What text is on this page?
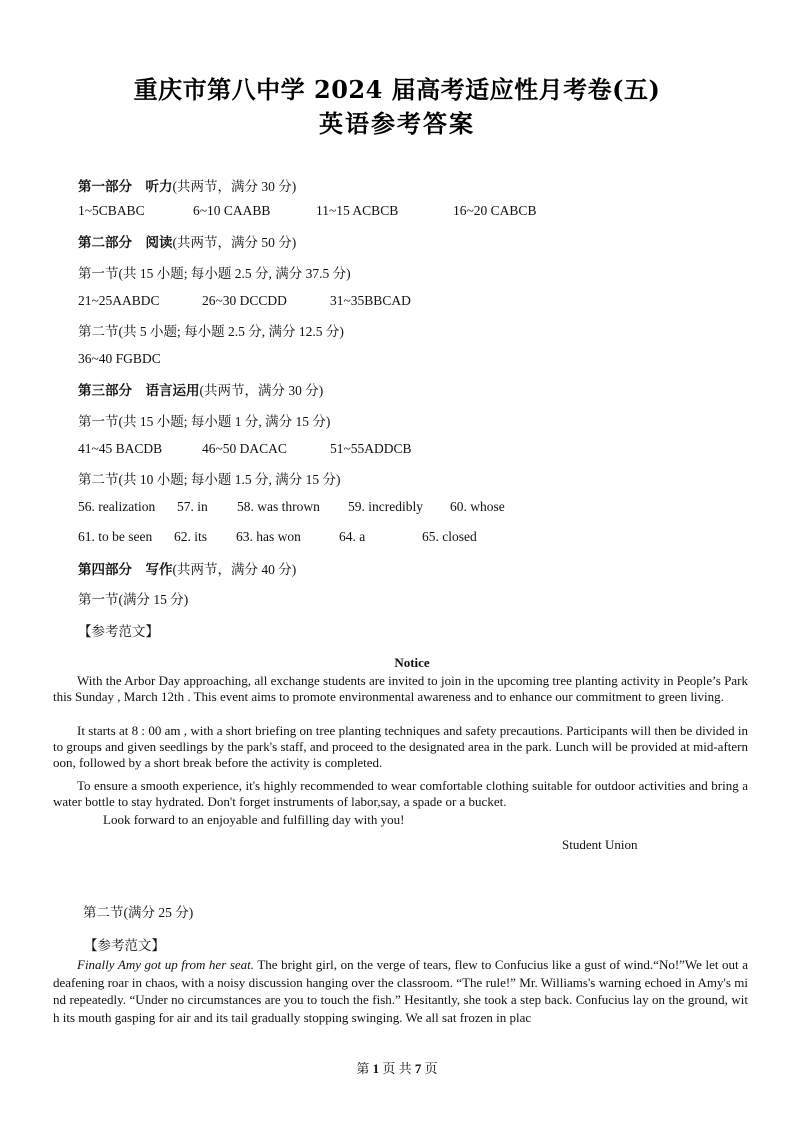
重庆市第八中学 2024 届高考适应性月考卷(五)
英语参考答案
第一部分　听力(共两节，满分 30 分)
1~5CBABC	6~10 CAABB	11~15 ACBCB	16~20 CABCB
第二部分　阅读(共两节，满分 50 分)
第一节(共 15 小题; 每小题 2.5 分, 满分 37.5 分)
21~25AABDC	26~30 DCCDD	31~35BBCAD
第二节(共 5 小题; 每小题 2.5 分, 满分 12.5 分)
36~40 FGBDC
第三部分　语言运用(共两节，满分 30 分)
第一节(共 15 小题; 每小题 1 分, 满分 15 分)
41~45 BACDB	46~50 DACAC	51~55ADDCB
第二节(共 10 小题; 每小题 1.5 分, 满分 15 分)
56. realization 57. in 58. was thrown 59. incredibly 60. whose
61. to be seen 62. its 63. has won	64. a	65. closed
第四部分　写作(共两节，满分 40 分)
第一节(满分 15 分)
【参考范文】
Notice
With the Arbor Day approaching, all exchange students are invited to join in the upcoming tree planting activity in People’s Park this Sunday , March 12th . This event aims to promote environmental awareness and to enhance our commitment to green living.
It starts at 8 : 00 am , with a short briefing on tree planting techniques and safety precautions. Participants will then be divided into groups and given seedlings by the park's staff, and proceed to the designated area in the park. Lunch will be provided at mid-afternoon, followed by a short break before the activity is completed.
To ensure a smooth experience, it's highly recommended to wear comfortable clothing suitable for outdoor activities and bring a water bottle to stay hydrated. Don't forget instruments of labor,say, a spade or a bucket.
Look forward to an enjoyable and fulfilling day with you!
Student Union
第二节(满分 25 分)
【参考范文】
Finally Amy got up from her seat. The bright girl, on the verge of tears, flew to Confucius like a gust of wind.“No!”We let out a deafening roar in chaos, with a noisy discussion hanging over the classroom. “The rule!” Mr. Williams's warning echoed in Amy's mind repeatedly. “Under no circumstances are you to touch the fish.” Hesitantly, she took a step back. Confucius lay on the ground, with its mouth gasping for air and its tail gradually stopping swinging. We all sat frozen in plac
第 1 页 共 7 页
